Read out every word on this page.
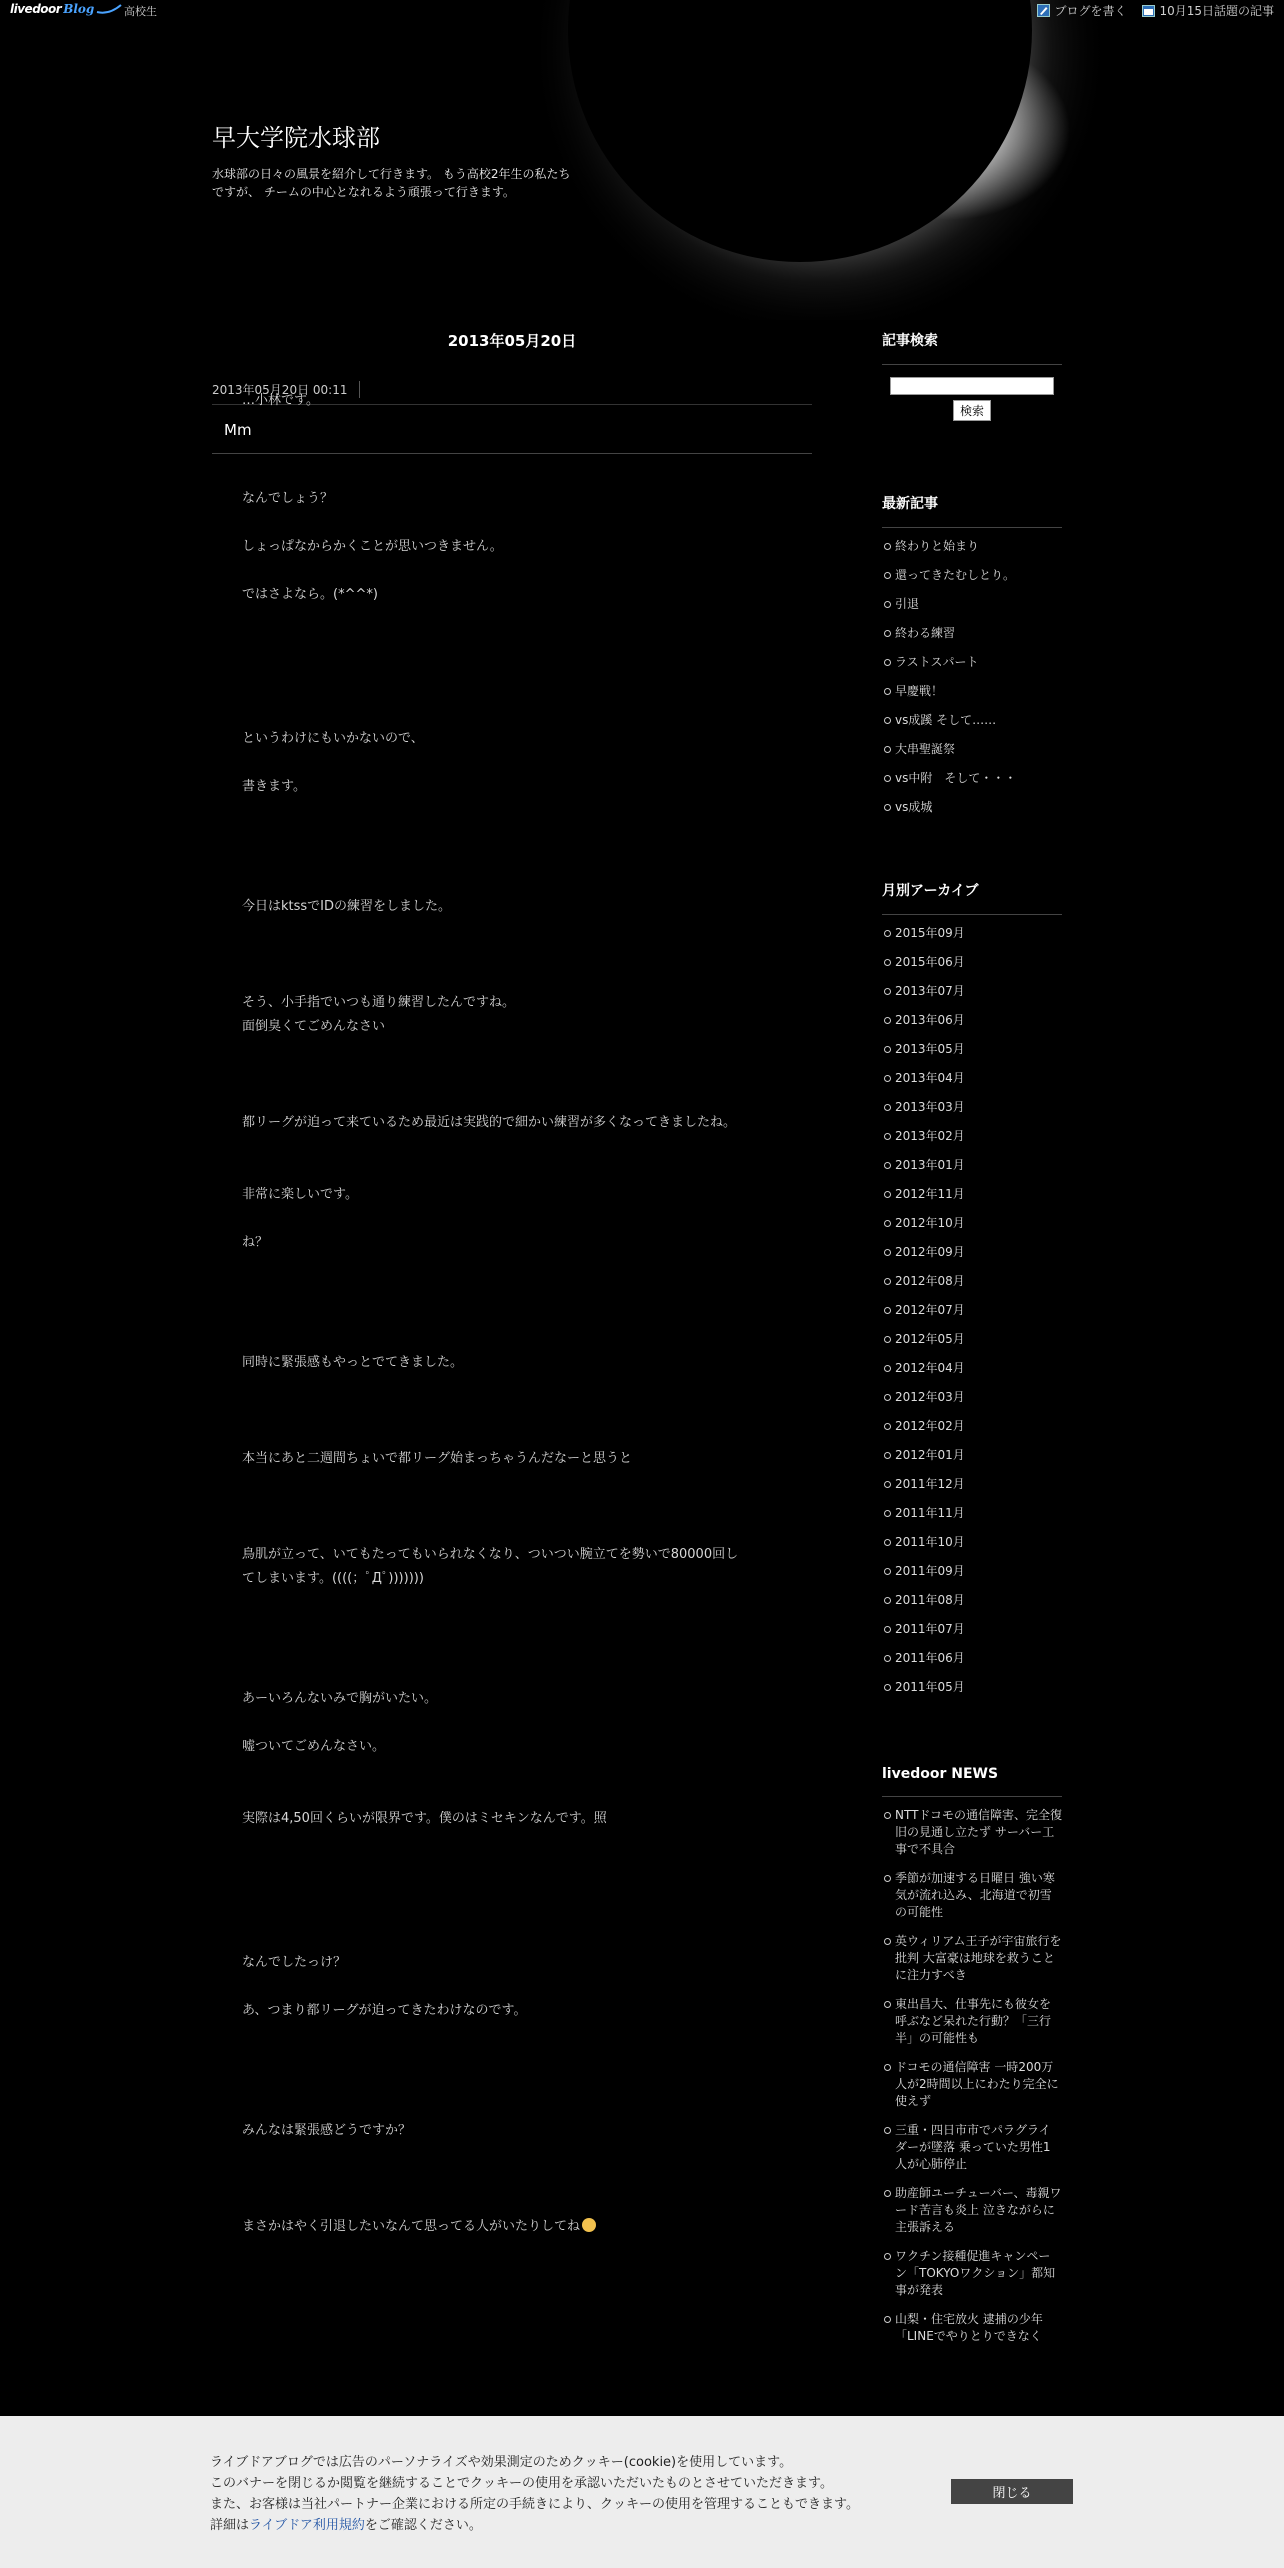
livedoor Blog	高校生	ブログを書く	10月15日話題の記事
早大学院水球部
水球部の日々の風景を紹介して行きます。 もう高校2年生の私たちですが、 チームの中心となれるよう頑張って行きます。
2013年05月20日
2013年05月20日 00:11
Mm

…小林です。

なんでしょう？

しょっぱなからかくことが思いつきません。

ではさよなら。(*^^*)

というわけにもいかないので、

書きます。

今日はktssでIDの練習をしました。

そう、小手指でいつも通り練習したんですね。

面倒臭くてごめんなさい

都リーグが迫って来ているため最近は実践的で細かい練習が多くなってきましたね。

非常に楽しいです。

ね？

同時に緊張感もやっとでてきました。

本当にあと二週間ちょいで都リーグ始まっちゃうんだなーと思うと

鳥肌が立って、いてもたってもいられなくなり、ついつい腕立てを勢いで80000回し

てしまいます。((((；ﾟДﾟ)))))))

あーいろんないみで胸がいたい。

嘘ついてごめんなさい。

実際は4,50回くらいが限界です。僕のはミセキンなんです。照

なんでしたっけ？

あ、つまり都リーグが迫ってきたわけなのです。

みんなは緊張感どうですか？

まさかはやく引退したいなんて思ってる人がいたりしてね

記事検索

検索
最新記事
終わりと始まり
還ってきたむしとり。
引退
終わる練習
ラストスパート
早慶戦！
vs成蹊 そして……
大串聖誕祭
vs中附　そして・・・
vs成城
月別アーカイブ
2015年09月
2015年06月
2013年07月
2013年06月
2013年05月
2013年04月
2013年03月
2013年02月
2013年01月
2012年11月
2012年10月
2012年09月
2012年08月
2012年07月
2012年05月
2012年04月
2012年03月
2012年02月
2012年01月
2011年12月
2011年11月
2011年10月
2011年09月
2011年08月
2011年07月
2011年06月
2011年05月
livedoor NEWS
NTTドコモの通信障害、完全復旧の見通し立たず サーバー工事で不具合
季節が加速する日曜日 強い寒気が流れ込み、北海道で初雪の可能性
英ウィリアム王子が宇宙旅行を批判 大富豪は地球を救うことに注力すべき
東出昌大、仕事先にも彼女を呼ぶなど呆れた行動？「三行半」の可能性も
ドコモの通信障害 一時200万人が2時間以上にわたり完全に使えず
三重・四日市市でパラグライダーが墜落 乗っていた男性1人が心肺停止
助産師ユーチューバー、毒親ワード苦言も炎上 泣きながらに主張訴える
ワクチン接種促進キャンペーン「TOKYOワクション」都知事が発表
山梨・住宅放火 逮捕の少年「LINEでやりとりできなく
ライブドアブログでは広告のパーソナライズや効果測定のためクッキー(cookie)を使用しています。
このバナーを閉じるか閲覧を継続することでクッキーの使用を承認いただいたものとさせていただきます。
また、お客様は当社パートナー企業における所定の手続きにより、クッキーの使用を管理することもできます。
詳細はライブドア利用規約をご確認ください。
閉じる
